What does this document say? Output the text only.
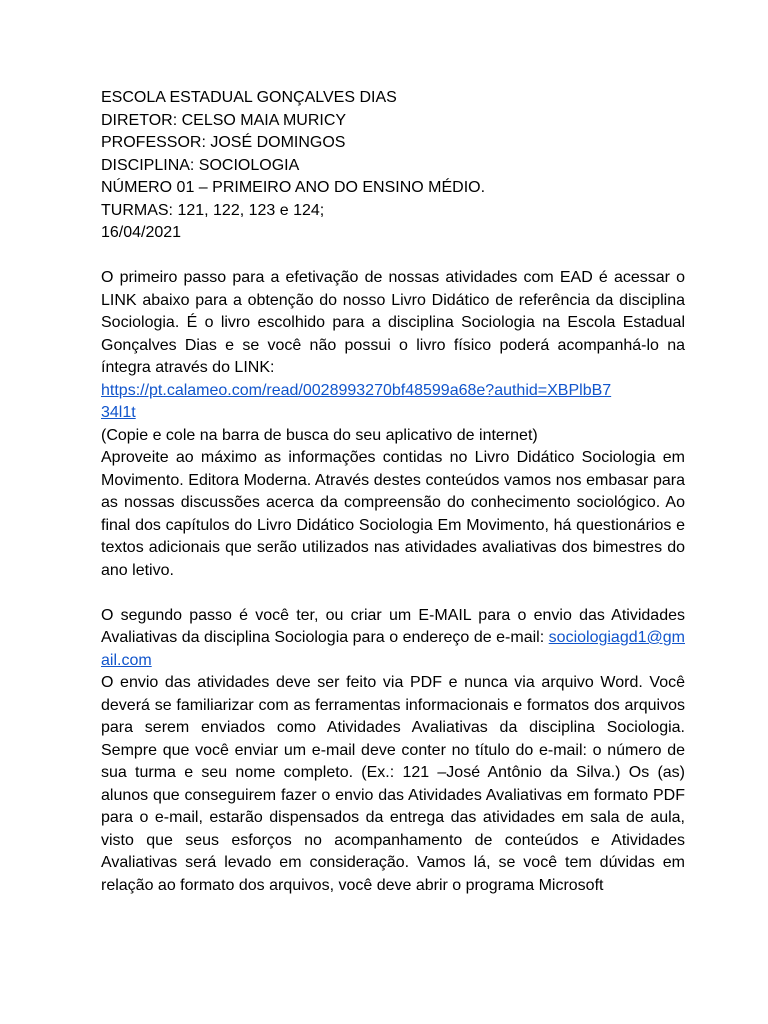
ESCOLA ESTADUAL GONÇALVES DIAS
DIRETOR: CELSO MAIA MURICY
PROFESSOR: JOSÉ DOMINGOS
DISCIPLINA: SOCIOLOGIA
NÚMERO 01 – PRIMEIRO ANO DO ENSINO MÉDIO.
TURMAS: 121, 122, 123 e 124;
16/04/2021
O primeiro passo para a efetivação de nossas atividades com EAD é acessar o LINK abaixo para a obtenção do nosso Livro Didático de referência da disciplina Sociologia. É o livro escolhido para a disciplina Sociologia na Escola Estadual Gonçalves Dias e se você não possui o livro físico poderá acompanhá-lo na íntegra através do LINK:
https://pt.calameo.com/read/0028993270bf48599a68e?authid=XBPlbB7
34l1t
(Copie e cole na barra de busca do seu aplicativo de internet)
Aproveite ao máximo as informações contidas no Livro Didático Sociologia em Movimento. Editora Moderna. Através destes conteúdos vamos nos embasar para as nossas discussões acerca da compreensão do conhecimento sociológico. Ao final dos capítulos do Livro Didático Sociologia Em Movimento, há questionários e textos adicionais que serão utilizados nas atividades avaliativas dos bimestres do ano letivo.
O segundo passo é você ter, ou criar um E-MAIL para o envio das Atividades Avaliativas da disciplina Sociologia para o endereço de e-mail: sociologiagd1@gmail.com
O envio das atividades deve ser feito via PDF e nunca via arquivo Word. Você deverá se familiarizar com as ferramentas informacionais e formatos dos arquivos para serem enviados como Atividades Avaliativas da disciplina Sociologia. Sempre que você enviar um e-mail deve conter no título do e-mail: o número de sua turma e seu nome completo. (Ex.: 121 –José Antônio da Silva.) Os (as) alunos que conseguirem fazer o envio das Atividades Avaliativas em formato PDF para o e-mail, estarão dispensados da entrega das atividades em sala de aula, visto que seus esforços no acompanhamento de conteúdos e Atividades Avaliativas será levado em consideração. Vamos lá, se você tem dúvidas em relação ao formato dos arquivos, você deve abrir o programa Microsoft
